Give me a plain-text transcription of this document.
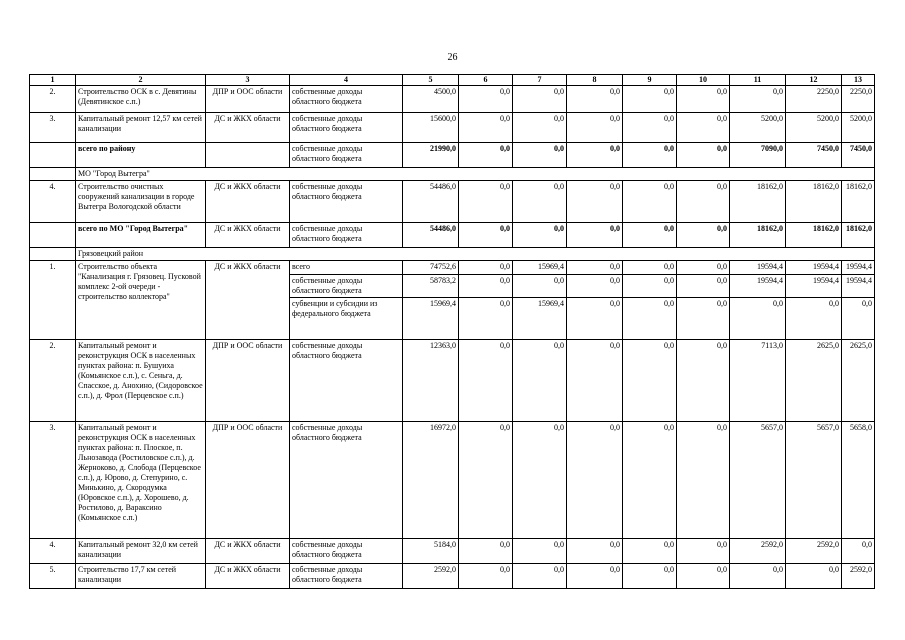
26
1	2	3	4	5	6	7	8	9	10	11	12	13
2.	Строительство ОСК в с. Девятины (Девятинское с.п.)	ДПР и ООС области	собственные доходы областного бюджета	4500,0	0,0	0,0	0,0	0,0	0,0	0,0	2250,0	2250,0
3.	Капитальный ремонт 12,57 км сетей канализации	ДС и ЖКХ области	собственные доходы областного бюджета	15600,0	0,0	0,0	0,0	0,0	0,0	5200,0	5200,0	5200,0
	всего по району		собственные доходы областного бюджета	21990,0	0,0	0,0	0,0	0,0	0,0	7090,0	7450,0	7450,0
	МО "Город Вытегра"											
4.	Строительство очистных сооружений канализации в городе Вытегра Вологодской области	ДС и ЖКХ области	собственные доходы областного бюджета	54486,0	0,0	0,0	0,0	0,0	0,0	18162,0	18162,0	18162,0
	всего по МО "Город Вытегра"	ДС и ЖКХ области	собственные доходы областного бюджета	54486,0	0,0	0,0	0,0	0,0	0,0	18162,0	18162,0	18162,0
	Грязовецкий район											
1.	Строительство объекта "Канализация г. Грязовец. Пусковой комплекс 2-ой очереди - строительство коллектора"	ДС и ЖКХ области	всего	74752,6	0,0	15969,4	0,0	0,0	0,0	19594,4	19594,4	19594,4
			собственные доходы областного бюджета	58783,2	0,0	0,0	0,0	0,0	0,0	19594,4	19594,4	19594,4
			субвенции и субсидии из федерального бюджета	15969,4	0,0	15969,4	0,0	0,0	0,0	0,0	0,0	0,0
2.	Капитальный ремонт и реконструкция ОСК в населенных пунктах района: п. Бушуиха (Комьянское с.п.), с. Сеньга, д. Спасское, д. Анохино, (Сидоровское с.п.), д. Фрол (Перцевское с.п.)	ДПР и ООС области	собственные доходы областного бюджета	12363,0	0,0	0,0	0,0	0,0	0,0	7113,0	2625,0	2625,0
3.	Капитальный ремонт и реконструкция ОСК в населенных пунктах района: п. Плоское, п. Льнозавода (Ростиловское с.п.), д. Жерноково, д. Слобода (Перцевское с.п.), д. Юрово, д. Степурино, с. Минькино, д. Скородумка (Юровское с.п.), д. Хорошево, д. Ростилово, д. Вараксино (Комьянское с.п.)	ДПР и ООС области	собственные доходы областного бюджета	16972,0	0,0	0,0	0,0	0,0	0,0	5657,0	5657,0	5658,0
4.	Капитальный ремонт 32,0 км сетей канализации	ДС и ЖКХ области	собственные доходы областного бюджета	5184,0	0,0	0,0	0,0	0,0	0,0	2592,0	2592,0	0,0
5.	Строительство 17,7 км сетей канализации	ДС и ЖКХ области	собственные доходы областного бюджета	2592,0	0,0	0,0	0,0	0,0	0,0	0,0	0,0	2592,0
